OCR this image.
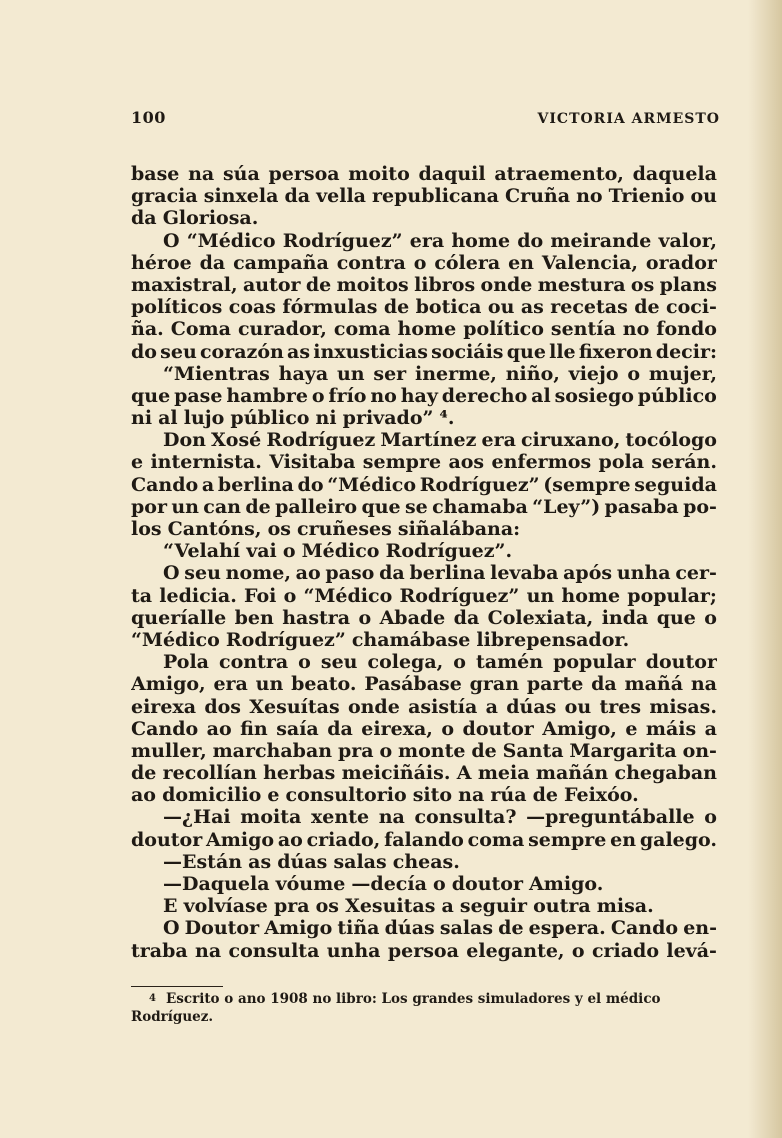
100	VICTORIA ARMESTO
base na súa persoa moito daquil atraemento, daquela
gracia sinxela da vella republicana Cruña no Trienio ou
da Gloriosa.
O “Médico Rodríguez” era home do meirande valor,
héroe da campaña contra o cólera en Valencia, orador
maxistral, autor de moitos libros onde mestura os plans
políticos coas fórmulas de botica ou as recetas de coci-
ña. Coma curador, coma home político sentía no fondo
do seu corazón as inxusticias sociáis que lle fixeron decir:
“Mientras haya un ser inerme, niño, viejo o mujer,
que pase hambre o frío no hay derecho al sosiego público
ni al lujo público ni privado” ⁴.
Don Xosé Rodríguez Martínez era ciruxano, tocólogo
e internista. Visitaba sempre aos enfermos pola serán.
Cando a berlina do “Médico Rodríguez” (sempre seguida
por un can de palleiro que se chamaba “Ley”) pasaba po-
los Cantóns, os cruñeses siñalábana:
“Velahí vai o Médico Rodríguez”.
O seu nome, ao paso da berlina levaba após unha cer-
ta ledicia. Foi o “Médico Rodríguez” un home popular;
queríalle ben hastra o Abade da Colexiata, inda que o
“Médico Rodríguez” chamábase librepensador.
Pola contra o seu colega, o tamén popular doutor
Amigo, era un beato. Pasábase gran parte da mañá na
eirexa dos Xesuítas onde asistía a dúas ou tres misas.
Cando ao fin saía da eirexa, o doutor Amigo, e máis a
muller, marchaban pra o monte de Santa Margarita on-
de recollían herbas meiciñáis. A meia mañán chegaban
ao domicilio e consultorio sito na rúa de Feixóo.
—¿Hai moita xente na consulta? —preguntáballe o
doutor Amigo ao criado, falando coma sempre en galego.
—Están as dúas salas cheas.
—Daquela vóume —decía o doutor Amigo.
E volvíase pra os Xesuitas a seguir outra misa.
O Doutor Amigo tiña dúas salas de espera. Cando en-
traba na consulta unha persoa elegante, o criado levá-
4 Escrito o ano 1908 no libro: Los grandes simuladores y el médico
Rodríguez.
